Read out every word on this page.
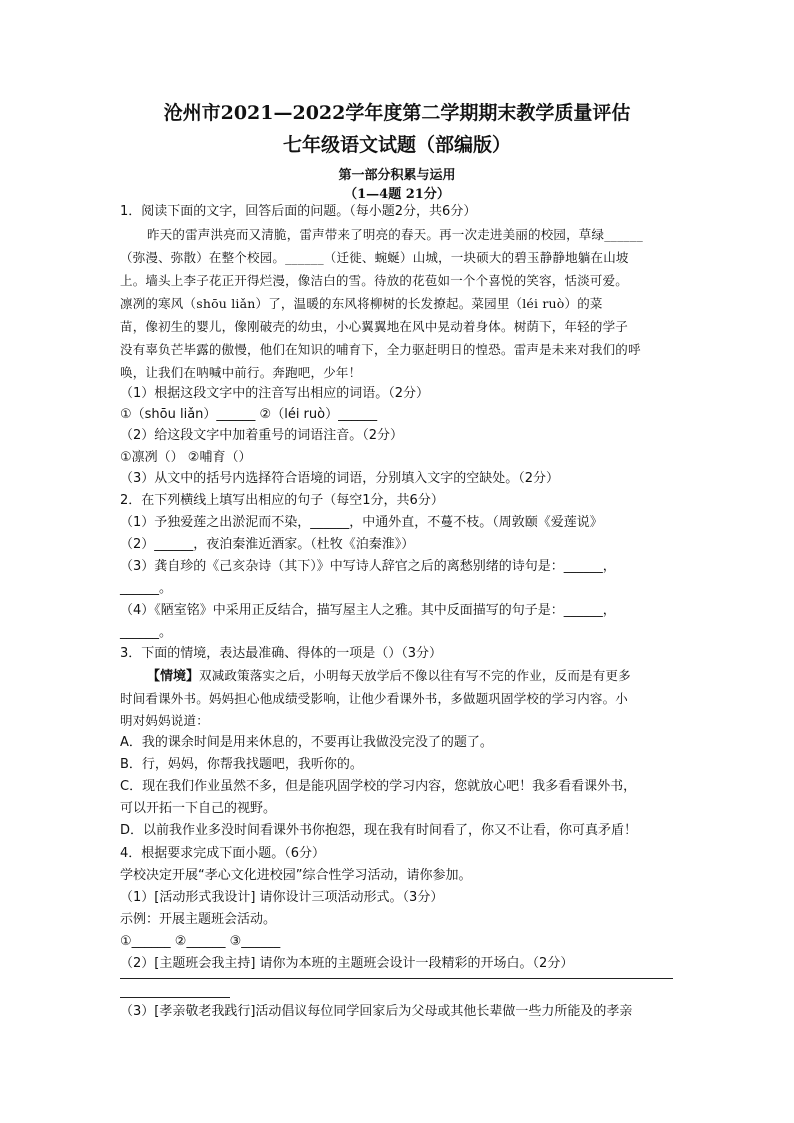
沧州市2021—2022学年度第二学期期末教学质量评估
七年级语文试题（部编版）
第一部分积累与运用
（1—4题 21分）
1．阅读下面的文字，回答后面的问题。（每小题2分，共6分）
昨天的雷声洪亮而又清脆，雷声带来了明亮的春天。再一次走进美丽的校园，草绿______
（弥漫、弥散）在整个校园。______（迁徙、蜿蜒）山城，一块硕大的碧玉静静地躺在山坡
上。墙头上李子花正开得烂漫，像洁白的雪。待放的花苞如一个个喜悦的笑容，恬淡可爱。
凛冽的寒风（shōu liǎn）了，温暖的东风将柳树的长发撩起。菜园里（léi ruò）的菜
苗，像初生的婴儿，像刚破壳的幼虫，小心翼翼地在风中晃动着身体。树荫下，年轻的学子
没有辜负芒毕露的傲慢，他们在知识的哺育下，全力驱赶明日的惶恐。雷声是未来对我们的呼
唤，让我们在呐喊中前行。奔跑吧，少年！
（1）根据这段文字中的注音写出相应的词语。（2分）
①（shōu liǎn）______ ②（léi ruò）______
（2）给这段文字中加着重号的词语注音。（2分）
①凛冽（） ②哺育（）
（3）从文中的括号内选择符合语境的词语，分别填入文字的空缺处。（2分）
2．在下列横线上填写出相应的句子（每空1分，共6分）
（1）予独爱莲之出淤泥而不染，______，中通外直，不蔓不枝。（周敦颐《爱莲说》
（2）______，夜泊秦淮近酒家。（杜牧《泊秦淮》）
（3）龚自珍的《己亥杂诗（其下）》中写诗人辞官之后的离愁别绪的诗句是：______，
______。
（4）《陋室铭》中采用正反结合，描写屋主人之雅。其中反面描写的句子是：______，
______。
3．下面的情境，表达最准确、得体的一项是（）（3分）
【情境】双减政策落实之后，小明每天放学后不像以往有写不完的作业，反而是有更多
时间看课外书。妈妈担心他成绩受影响，让他少看课外书，多做题巩固学校的学习内容。小
明对妈妈说道：
A．我的课余时间是用来休息的，不要再让我做没完没了的题了。
B．行，妈妈，你帮我找题吧，我听你的。
C．现在我们作业虽然不多，但是能巩固学校的学习内容，您就放心吧！我多看看课外书，
可以开拓一下自己的视野。
D．以前我作业多没时间看课外书你抱怨，现在我有时间看了，你又不让看，你可真矛盾！
4．根据要求完成下面小题。（6分）
学校决定开展“孝心文化进校园”综合性学习活动，请你参加。
（1）[活动形式我设计] 请你设计三项活动形式。（3分）
示例：开展主题班会活动。
①______ ②______ ③______
（2）[主题班会我主持] 请你为本班的主题班会设计一段精彩的开场白。（2分）
（3）[孝亲敬老我践行]活动倡议每位同学回家后为父母或其他长辈做一些力所能及的孝亲
